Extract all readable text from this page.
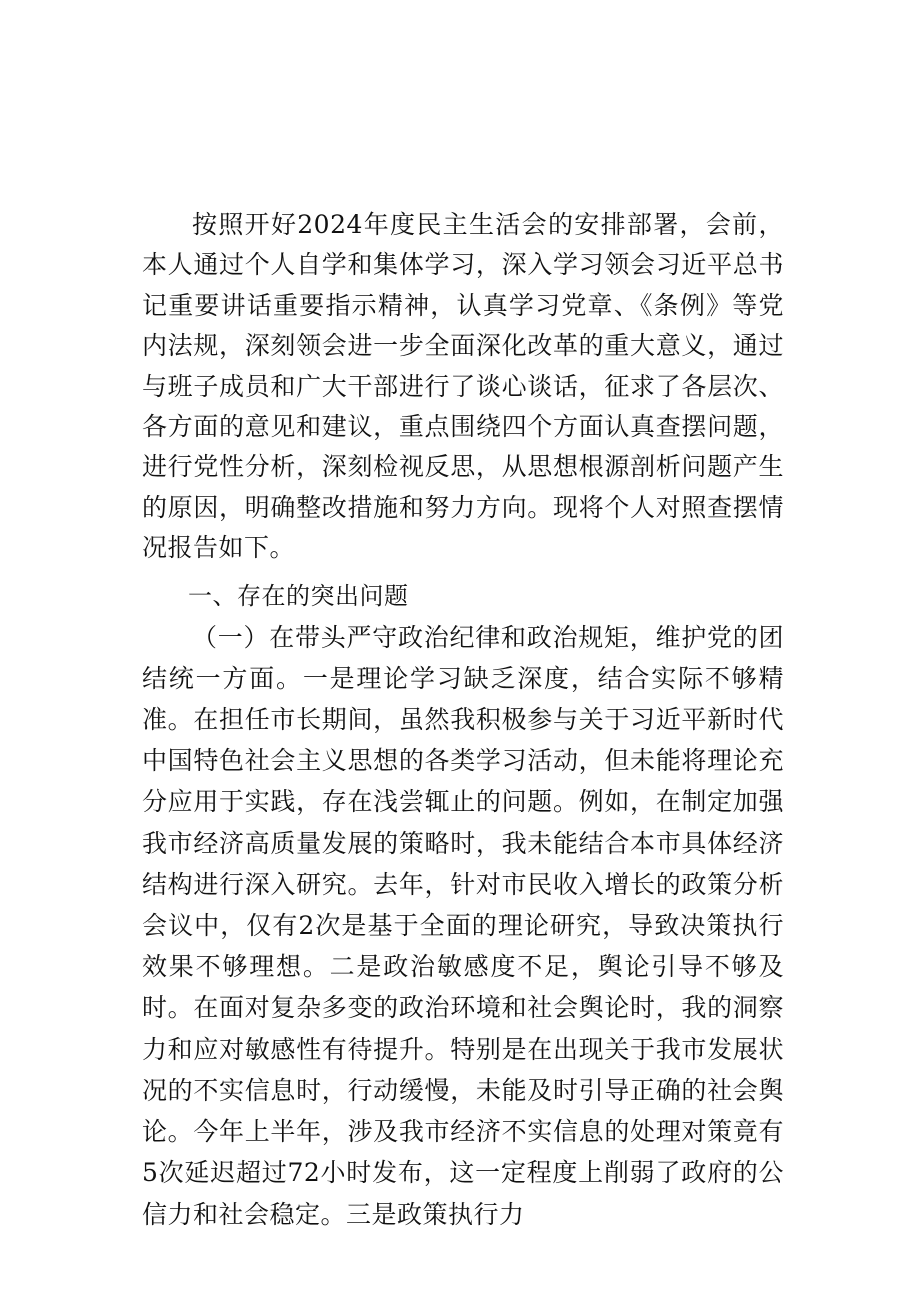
按照开好2024年度民主生活会的安排部署，会前，本人通过个人自学和集体学习，深入学习领会习近平总书记重要讲话重要指示精神，认真学习党章、《条例》等党内法规，深刻领会进一步全面深化改革的重大意义，通过与班子成员和广大干部进行了谈心谈话，征求了各层次、各方面的意见和建议，重点围绕四个方面认真查摆问题，进行党性分析，深刻检视反思，从思想根源剖析问题产生的原因，明确整改措施和努力方向。现将个人对照查摆情况报告如下。

一、存在的突出问题

（一）在带头严守政治纪律和政治规矩，维护党的团结统一方面。一是理论学习缺乏深度，结合实际不够精准。在担任市长期间，虽然我积极参与关于习近平新时代中国特色社会主义思想的各类学习活动，但未能将理论充分应用于实践，存在浅尝辄止的问题。例如，在制定加强我市经济高质量发展的策略时，我未能结合本市具体经济结构进行深入研究。去年，针对市民收入增长的政策分析会议中，仅有2次是基于全面的理论研究，导致决策执行效果不够理想。二是政治敏感度不足，舆论引导不够及时。在面对复杂多变的政治环境和社会舆论时，我的洞察力和应对敏感性有待提升。特别是在出现关于我市发展状况的不实信息时，行动缓慢，未能及时引导正确的社会舆论。今年上半年，涉及我市经济不实信息的处理对策竟有5次延迟超过72小时发布，这一定程度上削弱了政府的公信力和社会稳定。三是政策执行力
